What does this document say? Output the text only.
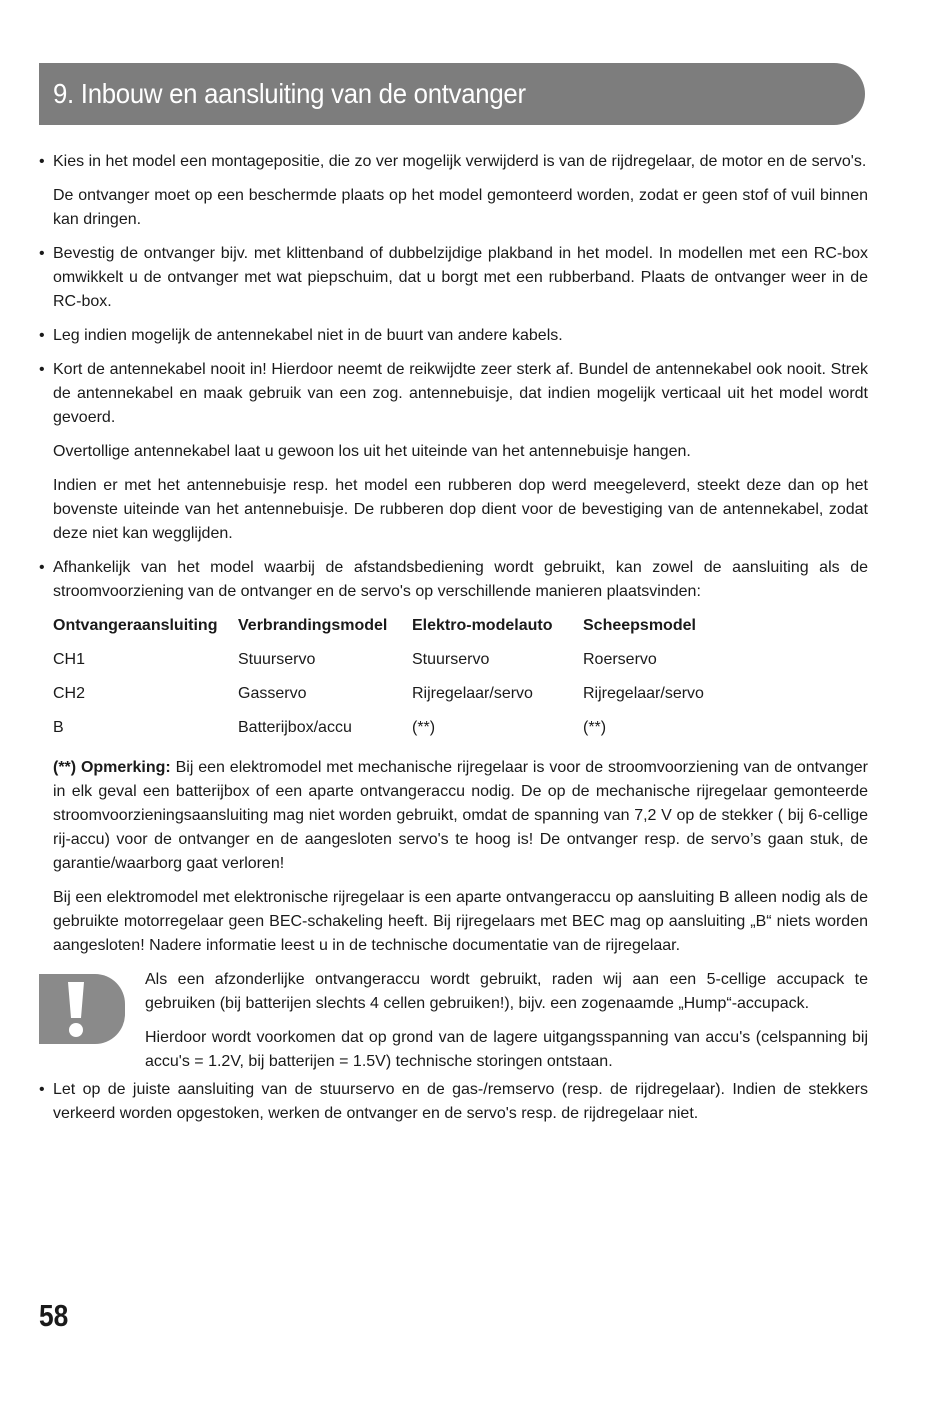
9. Inbouw en aansluiting van de ontvanger

• Kies in het model een montagepositie, die zo ver mogelijk verwijderd is van de rijdregelaar, de motor en de servo's.

De ontvanger moet op een beschermde plaats op het model gemonteerd worden, zodat er geen stof of vuil binnen kan dringen.

• Bevestig de ontvanger bijv. met klittenband of dubbelzijdige plakband in het model. In modellen met een RC-box omwikkelt u de ontvanger met wat piepschuim, dat u borgt met een rubberband. Plaats de ontvanger weer in de RC-box.

• Leg indien mogelijk de antennekabel niet in de buurt van andere kabels.

• Kort de antennekabel nooit in! Hierdoor neemt de reikwijdte zeer sterk af. Bundel de antennekabel ook nooit. Strek de antennekabel en maak gebruik van een zog. antennebuisje, dat indien mogelijk verticaal uit het model wordt gevoerd.

Overtollige antennekabel laat u gewoon los uit het uiteinde van het antennebuisje hangen.

Indien er met het antennebuisje resp. het model een rubberen dop werd meegeleverd, steekt deze dan op het bovenste uiteinde van het antennebuisje. De rubberen dop dient voor de bevestiging van de antennekabel, zodat deze niet kan wegglijden.

• Afhankelijk van het model waarbij de afstandsbediening wordt gebruikt, kan zowel de aansluiting als de stroomvoorziening van de ontvanger en de servo's op verschillende manieren plaatsvinden:

Ontvangeraansluiting	Verbrandingsmodel	Elektro-modelauto	Scheepsmodel
CH1	Stuurservo	Stuurservo	Roerservo
CH2	Gasservo	Rijregelaar/servo	Rijregelaar/servo
B	Batterijbox/accu	(**)	(**)

(**) Opmerking: Bij een elektromodel met mechanische rijregelaar is voor de stroomvoorziening van de ontvanger in elk geval een batterijbox of een aparte ontvangeraccu nodig. De op de mechanische rijregelaar gemonteerde stroomvoorzieningsaansluiting mag niet worden gebruikt, omdat de spanning van 7,2 V op de stekker ( bij 6-cellige rij-accu) voor de ontvanger en de aangesloten servo's te hoog is! De ontvanger resp. de servo’s gaan stuk, de garantie/waarborg gaat verloren!

Bij een elektromodel met elektronische rijregelaar is een aparte ontvangeraccu op aansluiting B alleen nodig als de gebruikte motorregelaar geen BEC-schakeling heeft. Bij rijregelaars met BEC mag op aansluiting „B“ niets worden aangesloten! Nadere informatie leest u in de technische documentatie van de rijregelaar.

Als een afzonderlijke ontvangeraccu wordt gebruikt, raden wij aan een 5-cellige accupack te gebruiken (bij batterijen slechts 4 cellen gebruiken!), bijv. een zogenaamde „Hump“-accupack.

Hierdoor wordt voorkomen dat op grond van de lagere uitgangsspanning van accu's (celspanning bij accu's = 1.2V, bij batterijen = 1.5V) technische storingen ontstaan.

• Let op de juiste aansluiting van de stuurservo en de gas-/remservo (resp. de rijdregelaar). Indien de stekkers verkeerd worden opgestoken, werken de ontvanger en de servo's resp. de rijdregelaar niet.

58
